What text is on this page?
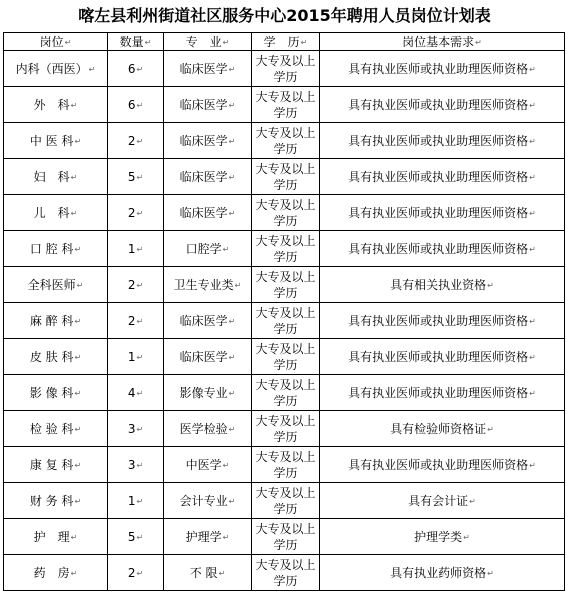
喀左县利州街道社区服务中心2015年聘用人员岗位计划表
岗位↵	数量↵	专　业↵	学　历↵	岗位基本需求↵
内科（西医）↵	6↵	临床医学↵	大专及以上
学历	具有执业医师或执业助理医师资格↵
外　科↵	6↵	临床医学↵	大专及以上
学历	具有执业医师或执业助理医师资格↵
中 医 科↵	2↵	临床医学↵	大专及以上
学历	具有执业医师或执业助理医师资格↵
妇　科↵	5↵	临床医学↵	大专及以上
学历	具有执业医师或执业助理医师资格↵
儿　科↵	2↵	临床医学↵	大专及以上
学历	具有执业医师或执业助理医师资格↵
口 腔 科↵	1↵	口腔学↵	大专及以上
学历	具有执业医师或执业助理医师资格↵
全科医师↵	2↵	卫生专业类↵	大专及以上
学历	具有相关执业资格↵
麻 醉 科↵	2↵	临床医学↵	大专及以上
学历	具有执业医师或执业助理医师资格↵
皮 肤 科↵	1↵	临床医学↵	大专及以上
学历	具有执业医师或执业助理医师资格↵
影 像 科↵	4↵	影像专业↵	大专及以上
学历	具有执业医师或执业助理医师资格↵
检 验 科↵	3↵	医学检验↵	大专及以上
学历	具有检验师资格证↵
康 复 科↵	3↵	中医学↵	大专及以上
学历	具有执业医师或执业助理医师资格↵
财 务 科↵	1↵	会计专业↵	大专及以上
学历	具有会计证↵
护　理↵	5↵	护理学↵	大专及以上
学历	护理学类↵
药　房↵	2↵	不 限↵	大专及以上
学历	具有执业药师资格↵
